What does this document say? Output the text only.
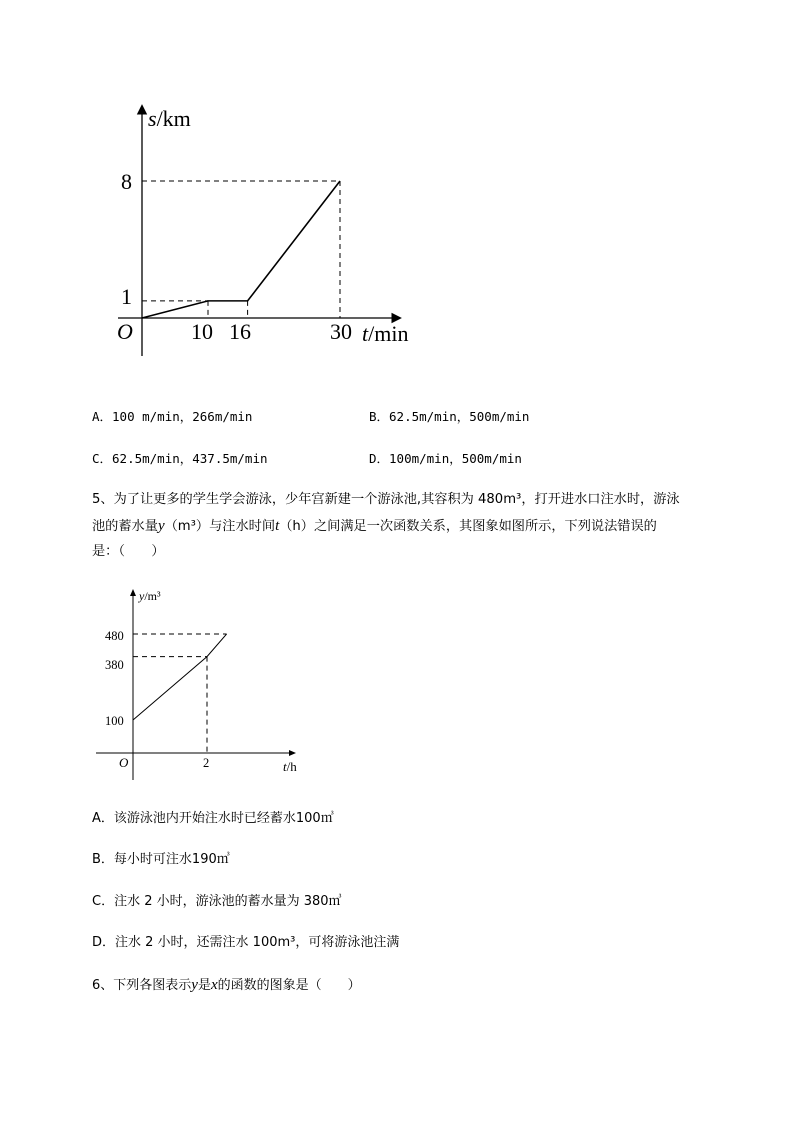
s/km
t/min
O
1
8
10 16	30
A．100 m/min，266m/min	B．62.5m/min，500m/min
C．62.5m/min，437.5m/min	D．100m/min，500m/min
5、为了让更多的学生学会游泳，少年宫新建一个游泳池,其容积为 480m³，打开进水口注水时，游泳
池的蓄水量y（m³）与注水时间t（h）之间满足一次函数关系，其图象如图所示，下列说法错误的
是：（　　）
y/m³
t/h
O
480
380
100
2
A．该游泳池内开始注水时已经蓄水100㎥
B．每小时可注水190㎥
C．注水 2 小时，游泳池的蓄水量为 380㎥
D．注水 2 小时，还需注水 100m³，可将游泳池注满
6、下列各图表示y是x的函数的图象是（　　）
